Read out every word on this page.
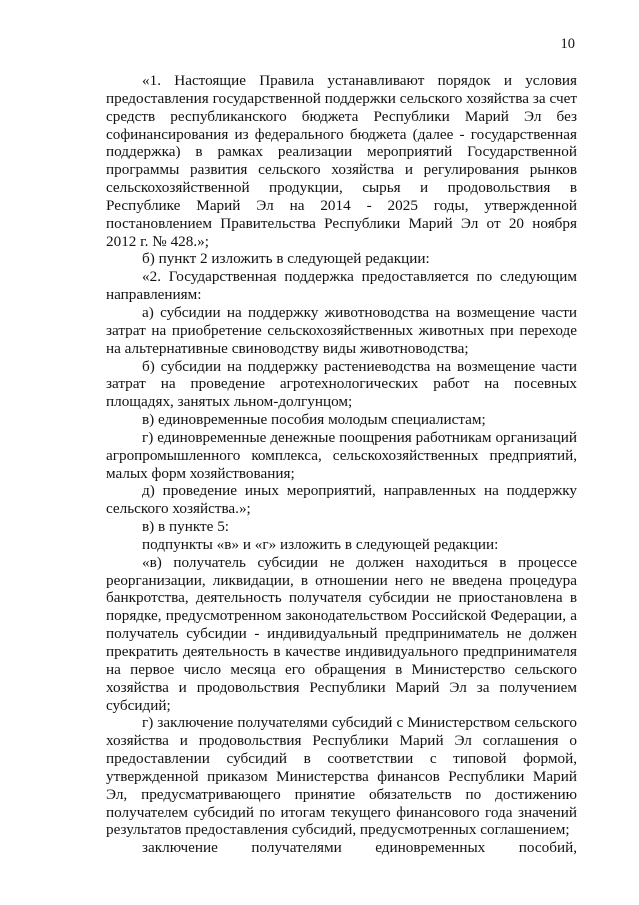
10

«1. Настоящие Правила устанавливают порядок и условия предоставления государственной поддержки сельского хозяйства за счет средств республиканского бюджета Республики Марий Эл без софинансирования из федерального бюджета (далее - государственная поддержка) в рамках реализации мероприятий Государственной программы развития сельского хозяйства и регулирования рынков сельскохозяйственной продукции, сырья и продовольствия в Республике Марий Эл на 2014 - 2025 годы, утвержденной постановлением Правительства Республики Марий Эл от 20 ноября 2012 г. № 428.»;

б) пункт 2 изложить в следующей редакции:

«2. Государственная поддержка предоставляется по следующим направлениям:

а) субсидии на поддержку животноводства на возмещение части затрат на приобретение сельскохозяйственных животных при переходе на альтернативные свиноводству виды животноводства;

б) субсидии на поддержку растениеводства на возмещение части затрат на проведение агротехнологических работ на посевных площадях, занятых льном-долгунцом;

в) единовременные пособия молодым специалистам;

г) единовременные денежные поощрения работникам организаций агропромышленного комплекса, сельскохозяйственных предприятий, малых форм хозяйствования;

д) проведение иных мероприятий, направленных на поддержку сельского хозяйства.»;

в) в пункте 5:

подпункты «в» и «г» изложить в следующей редакции:

«в) получатель субсидии не должен находиться в процессе реорганизации, ликвидации, в отношении него не введена процедура банкротства, деятельность получателя субсидии не приостановлена в порядке, предусмотренном законодательством Российской Федерации, а получатель субсидии - индивидуальный предприниматель не должен прекратить деятельность в качестве индивидуального предпринимателя на первое число месяца его обращения в Министерство сельского хозяйства и продовольствия Республики Марий Эл за получением субсидий;

г) заключение получателями субсидий с Министерством сельского хозяйства и продовольствия Республики Марий Эл соглашения о предоставлении субсидий в соответствии с типовой формой, утвержденной приказом Министерства финансов Республики Марий Эл, предусматривающего принятие обязательств по достижению получателем субсидий по итогам текущего финансового года значений результатов предоставления субсидий, предусмотренных соглашением;

заключение получателями единовременных пособий,
